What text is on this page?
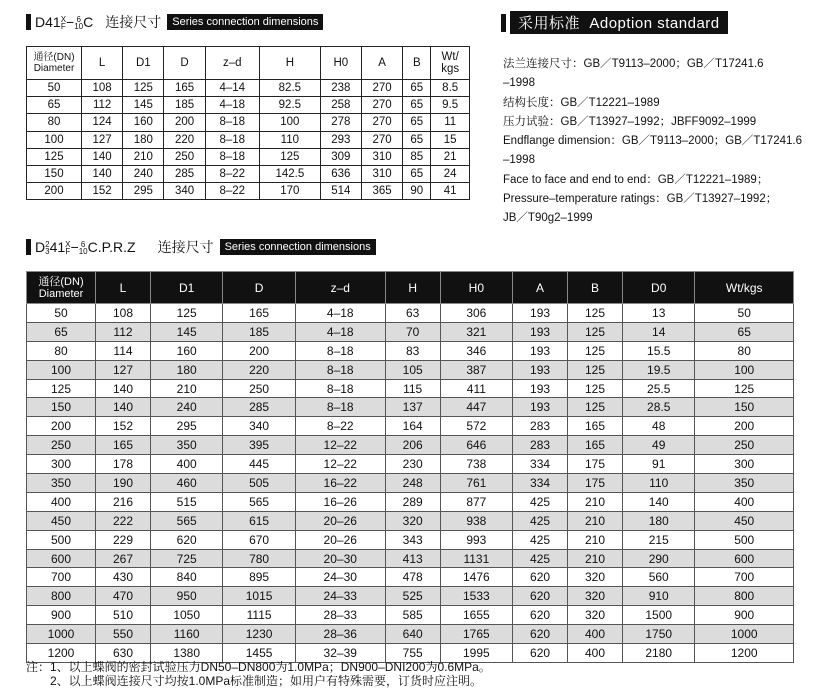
D41X
F− 6
10C 连接尺寸	Series connection dimensions
通径(DN)
Diameter	L	D1	D	z–d	H	H0	A	B	Wt/
kgs

50	108	125	165	4–14	82.5	238	270	65	8.5
65	112	145	185	4–18	92.5	258	270	65	9.5
80	124	160	200	8–18	100	278	270	65	11
100	127	180	220	8–18	110	293	270	65	15
125	140	210	250	8–18	125	309	310	85	21
150	140	240	285	8–22	142.5	636	310	65	24
200	152	295	340	8–22	170	514	365	90	41
采用标准 Adoption standard
法兰连接尺寸：GB／T9113–2000；GB／T17241.6
–1998
结构长度：GB／T12221–1989
压力试验：GB／T13927–1992；JBFF9092–1999
Endflange dimension：GB／T9113–2000；GB／T17241.6
–1998
Face to face and end to end：GB／T12221–1989；
Pressure–temperature ratings：GB／T13927–1992；
JB／T90g2–1999
D2
341X
F− 6
10C.P.R.Z 连接尺寸	Series connection dimensions
通径(DN)
Diameter	L	D1	D	z–d	H	H0	A	B	D0	Wt/kgs
50	108	125	165	4–18	63	306	193	125	13	50
65	112	145	185	4–18	70	321	193	125	14	65
80	114	160	200	8–18	83	346	193	125	15.5	80
100	127	180	220	8–18	105	387	193	125	19.5	100
125	140	210	250	8–18	115	411	193	125	25.5	125
150	140	240	285	8–18	137	447	193	125	28.5	150
200	152	295	340	8–22	164	572	283	165	48	200
250	165	350	395	12–22	206	646	283	165	49	250
300	178	400	445	12–22	230	738	334	175	91	300
350	190	460	505	16–22	248	761	334	175	110	350
400	216	515	565	16–26	289	877	425	210	140	400
450	222	565	615	20–26	320	938	425	210	180	450
500	229	620	670	20–26	343	993	425	210	215	500
600	267	725	780	20–30	413	1131	425	210	290	600
700	430	840	895	24–30	478	1476	620	320	560	700
800	470	950	1015	24–33	525	1533	620	320	910	800
900	510	1050	1115	28–33	585	1655	620	320	1500	900
1000	550	1160	1230	28–36	640	1765	620	400	1750	1000
1200	630	1380	1455	32–39	755	1995	620	400	2180	1200
注：1、以上蝶阀的密封试验压力DN50–DN800为1.0MPa；DN900–DNI200为0.6MPa。
2、以上蝶阀连接尺寸均按1.0MPa标准制造；如用户有特殊需要，订货时应注明。
